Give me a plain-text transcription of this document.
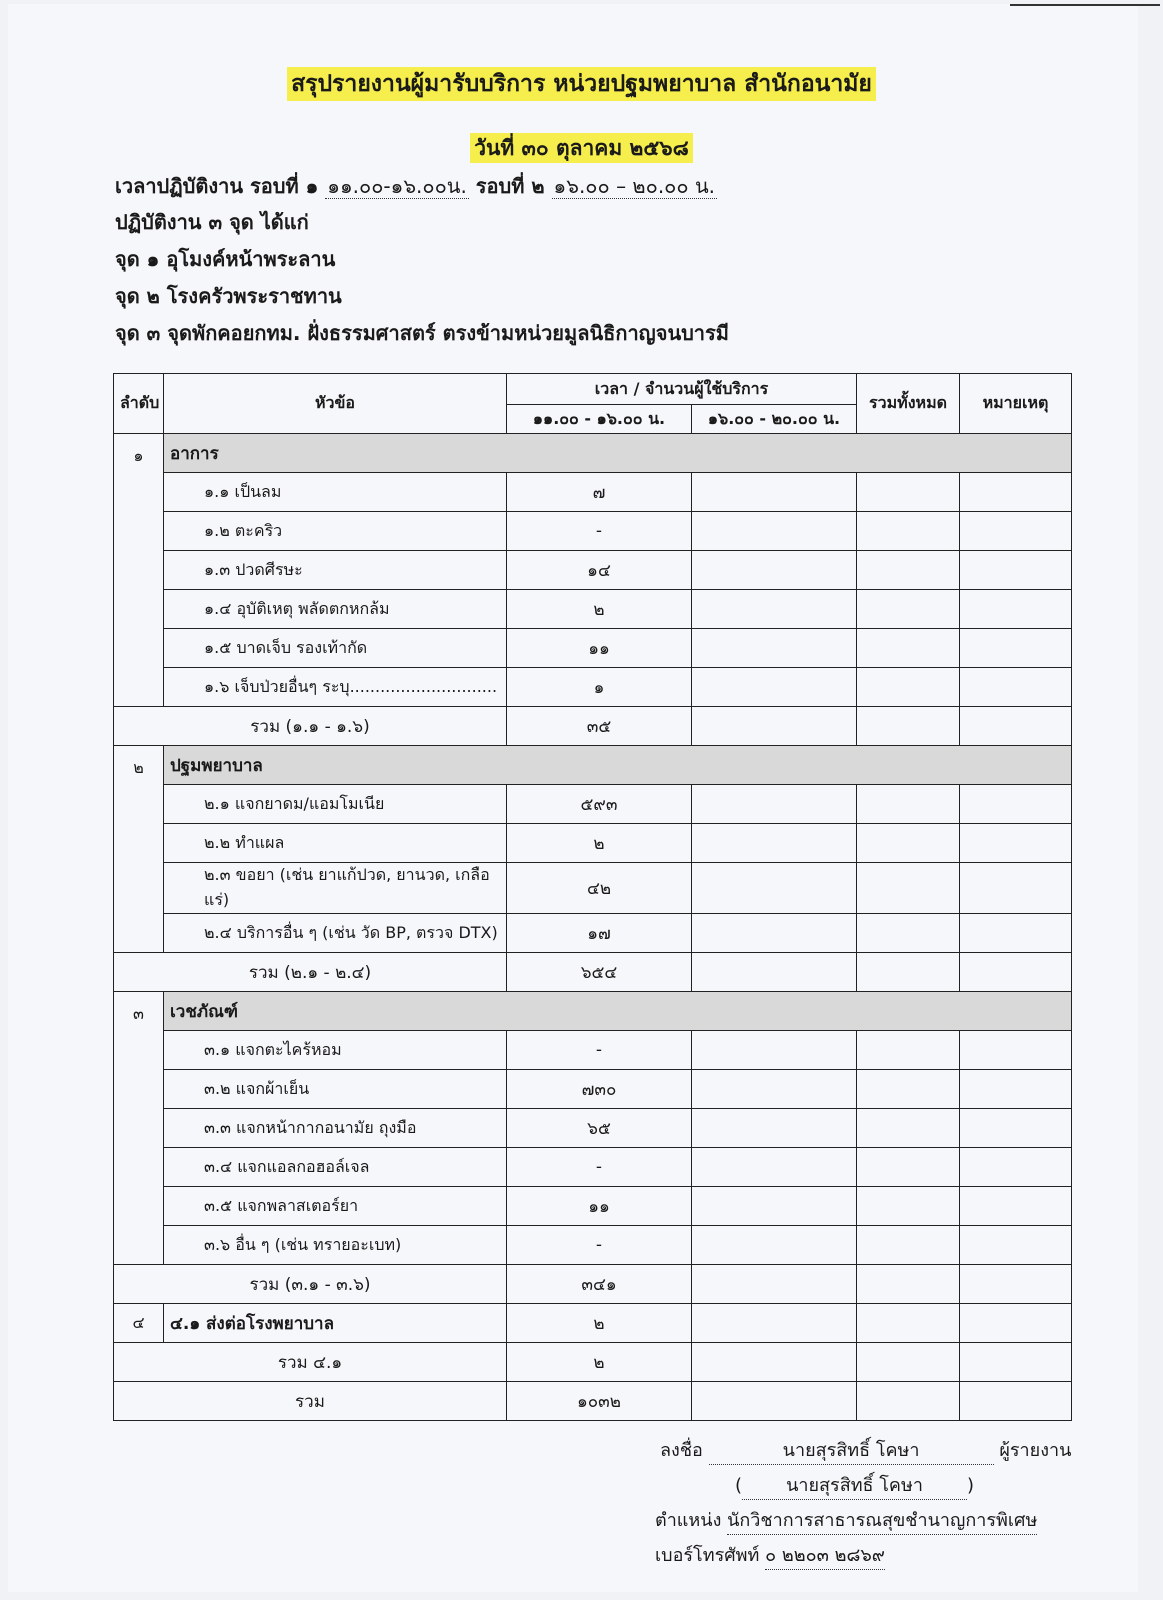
สรุปรายงานผู้มารับบริการ หน่วยปฐมพยาบาล สำนักอนามัย
วันที่ ๓๐ ตุลาคม ๒๕๖๘
เวลาปฏิบัติงาน รอบที่ ๑ ๑๑.๐๐-๑๖.๐๐น. รอบที่ ๒ ๑๖.๐๐ – ๒๐.๐๐ น.
ปฏิบัติงาน ๓ จุด ได้แก่
จุด ๑ อุโมงค์หน้าพระลาน
จุด ๒ โรงครัวพระราชทาน
จุด ๓ จุดพักคอยกทม. ฝั่งธรรมศาสตร์ ตรงข้ามหน่วยมูลนิธิกาญจนบารมี
ลำดับ	หัวข้อ	เวลา / จำนวนผู้ใช้บริการ		รวมทั้งหมด	หมายเหตุ
		๑๑.๐๐ - ๑๖.๐๐ น.	๑๖.๐๐ - ๒๐.๐๐ น.		
๑	อาการ				
	๑.๑ เป็นลม	๗			
	๑.๒ ตะคริว	-			
	๑.๓ ปวดศีรษะ	๑๔			
	๑.๔ อุบัติเหตุ พลัดตกหกล้ม	๒			
	๑.๕ บาดเจ็บ รองเท้ากัด	๑๑			
	๑.๖ เจ็บป่วยอื่นๆ ระบุ.............................	๑			
รวม (๑.๑ - ๑.๖)		๓๕			
๒	ปฐมพยาบาล				
	๒.๑ แจกยาดม/แอมโมเนีย	๕๙๓			
	๒.๒ ทำแผล	๒			
	๒.๓ ขอยา (เช่น ยาแก้ปวด, ยานวด, เกลือแร่)	๔๒			
	๒.๔ บริการอื่น ๆ (เช่น วัด BP, ตรวจ DTX)	๑๗			
รวม (๒.๑ - ๒.๔)		๖๕๔			
๓	เวชภัณฑ์				
	๓.๑ แจกตะไคร้หอม	-			
	๓.๒ แจกผ้าเย็น	๗๓๐			
	๓.๓ แจกหน้ากากอนามัย ถุงมือ	๖๕			
	๓.๔ แจกแอลกอฮอล์เจล	-			
	๓.๕ แจกพลาสเตอร์ยา	๑๑			
	๓.๖ อื่น ๆ (เช่น ทรายอะเบท)	-			
รวม (๓.๑ - ๓.๖)		๓๔๑			
๔	๔.๑ ส่งต่อโรงพยาบาล	๒			
รวม ๔.๑		๒			
รวม		๑๐๓๒			
ลงชื่อ	นายสุรสิทธิ์ โคษา	ผู้รายงาน
( นายสุรสิทธิ์ โคษา )
ตำแหน่ง นักวิชาการสาธารณสุขชำนาญการพิเศษ
เบอร์โทรศัพท์ ๐ ๒๒๐๓ ๒๘๖๙
